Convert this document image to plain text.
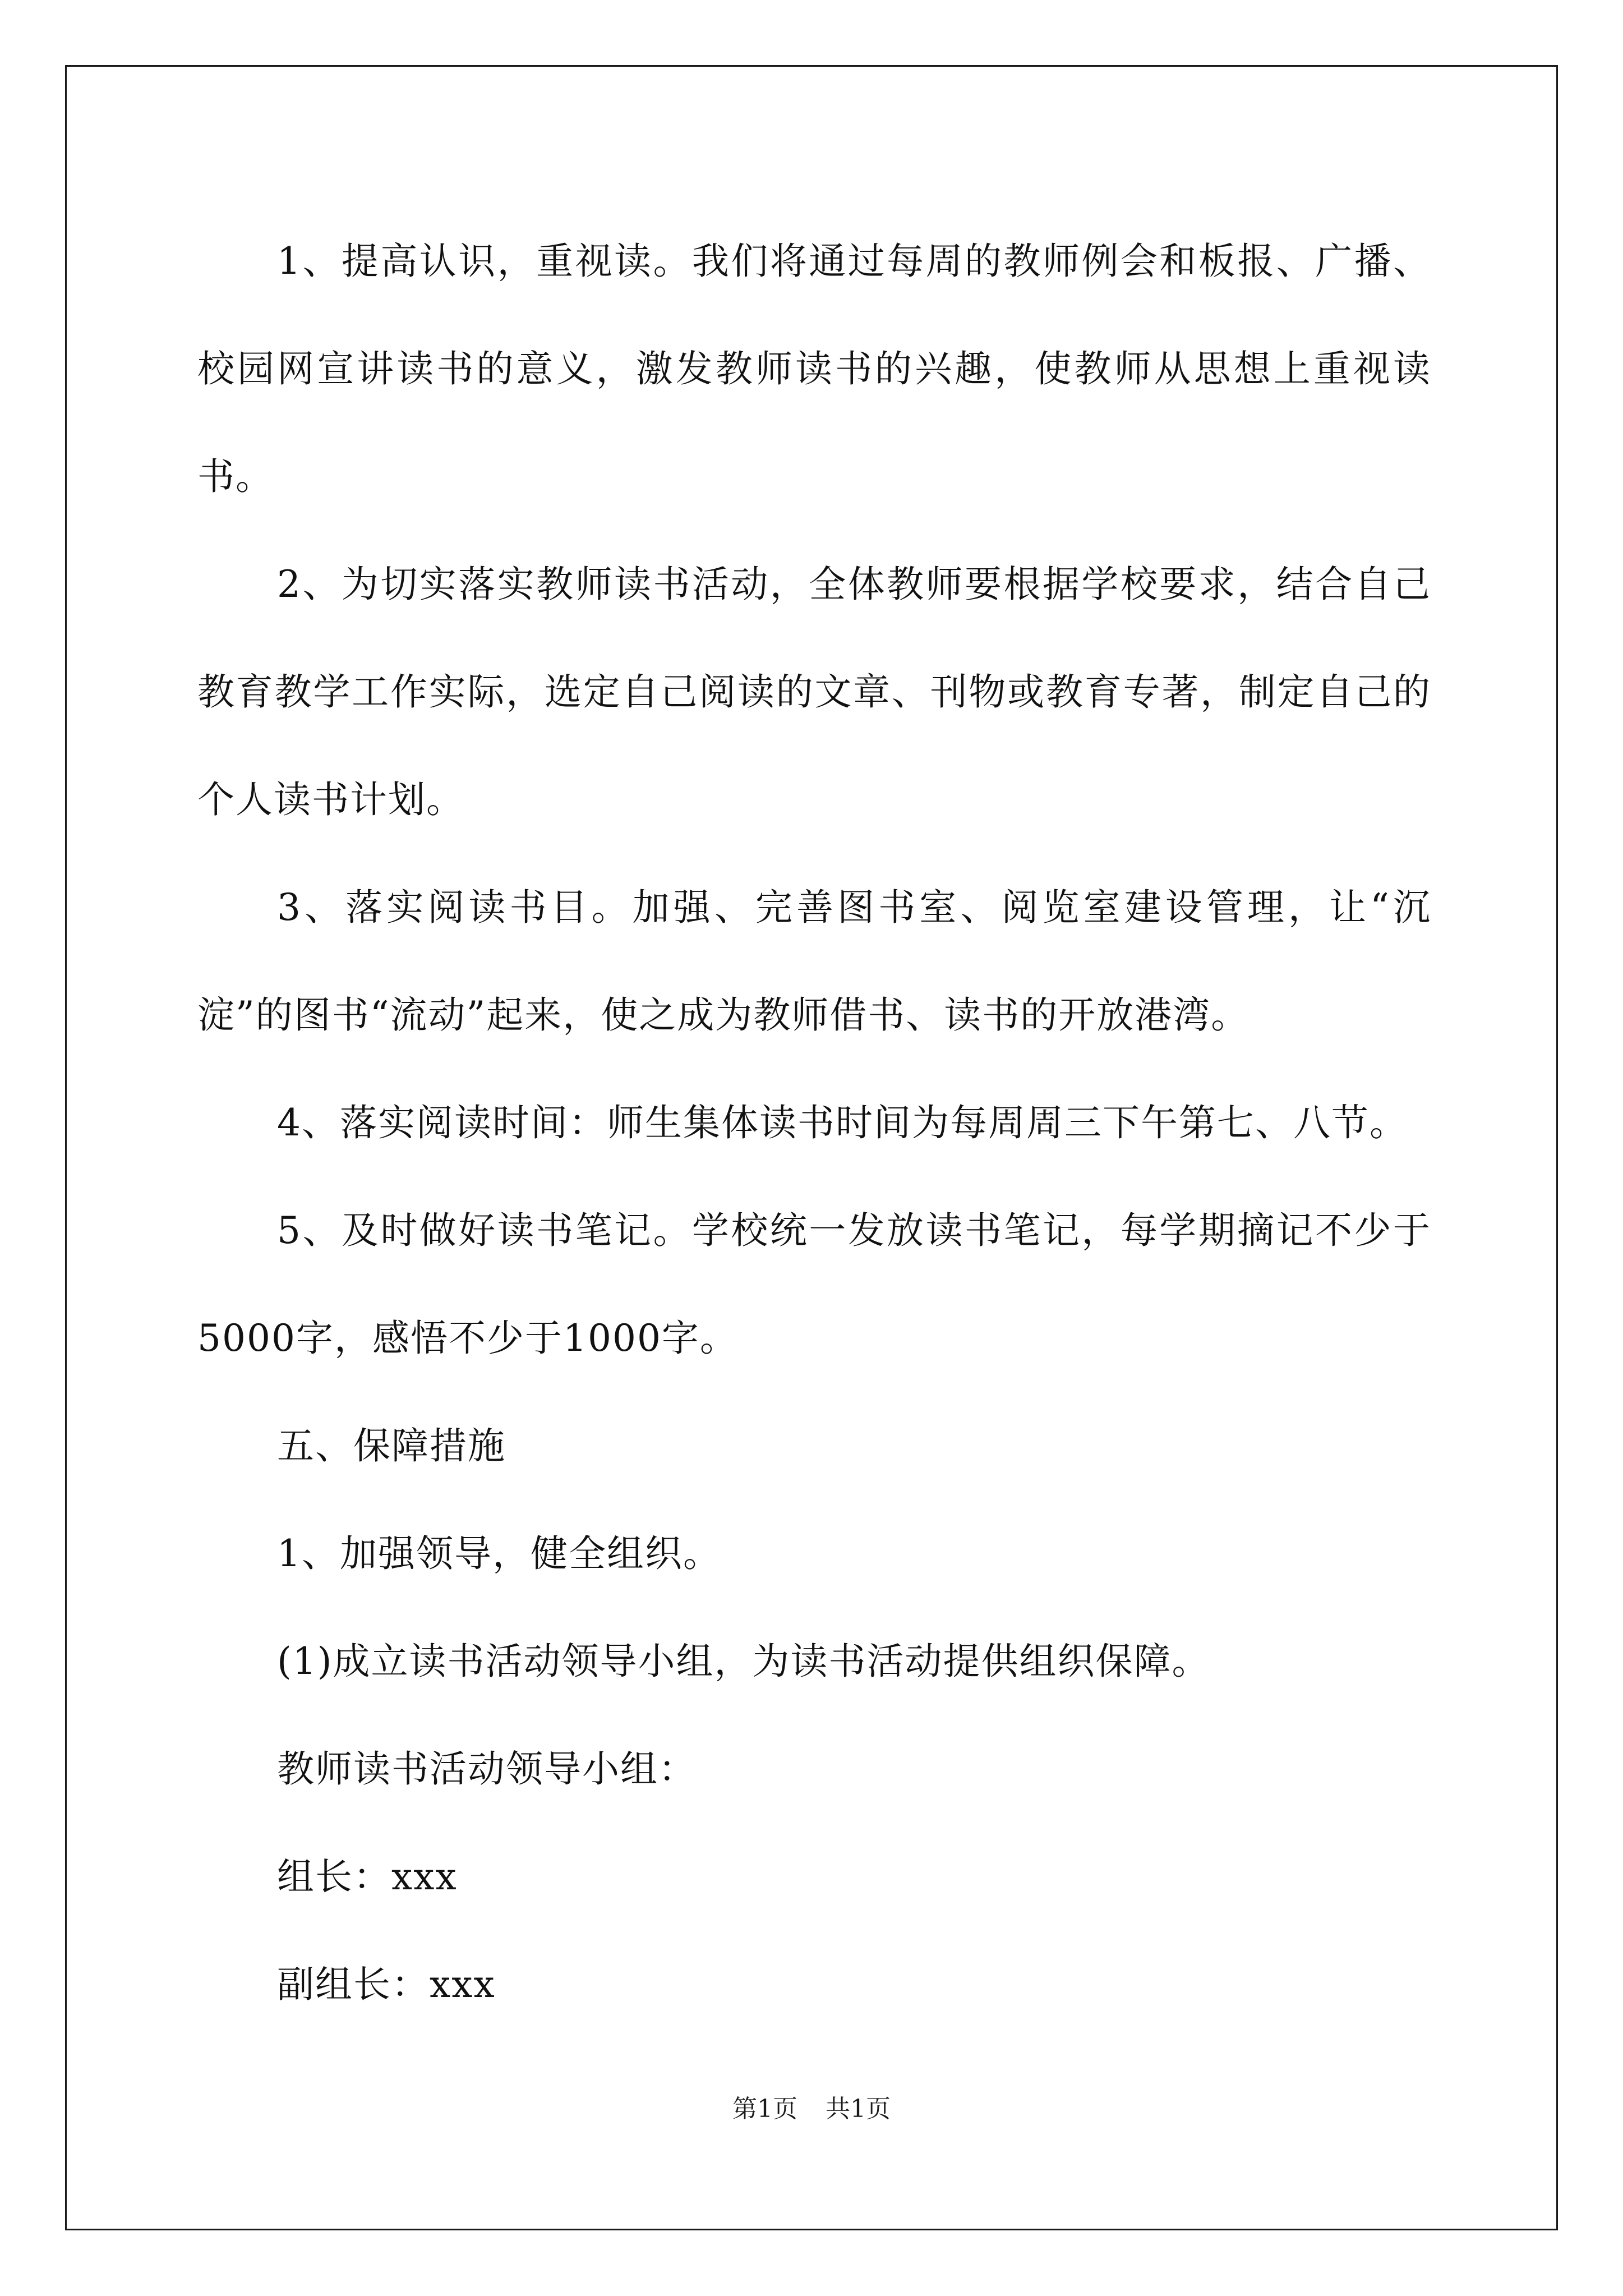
1、提高认识，重视读。我们将通过每周的教师例会和板报、广播、校园网宣讲读书的意义，激发教师读书的兴趣，使教师从思想上重视读书。

2、为切实落实教师读书活动，全体教师要根据学校要求，结合自己教育教学工作实际，选定自己阅读的文章、刊物或教育专著，制定自己的个人读书计划。

3、落实阅读书目。加强、完善图书室、阅览室建设管理，让“沉淀”的图书“流动”起来，使之成为教师借书、读书的开放港湾。

4、落实阅读时间：师生集体读书时间为每周周三下午第七、八节。

5、及时做好读书笔记。学校统一发放读书笔记，每学期摘记不少于5000字，感悟不少于1000字。

五、保障措施

1、加强领导，健全组织。

(1)成立读书活动领导小组，为读书活动提供组织保障。

教师读书活动领导小组：

组长：xxx

副组长：xxx

第1页 共1页
